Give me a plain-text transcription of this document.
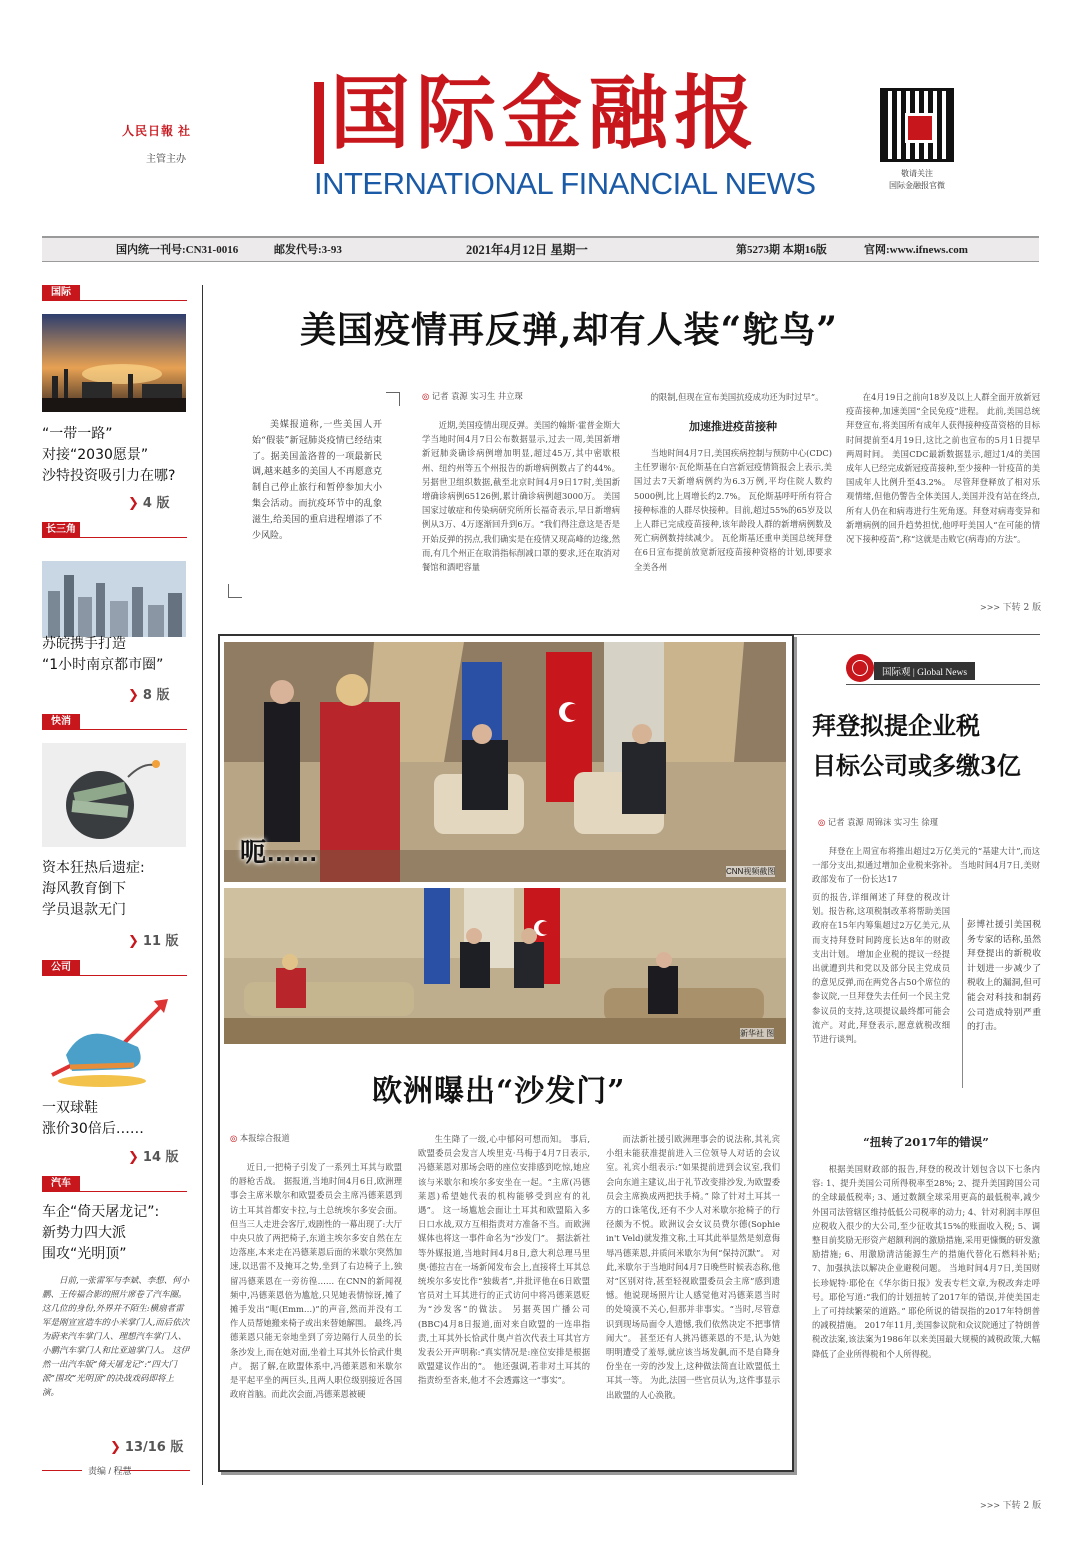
人民日報 社
主管主办 国际金融报
INTERNATIONAL FINANCIAL NEWS	敬请关注
国际金融报官微
国内统一刊号:CN31-0016	邮发代号:3-93	2021年4月12日 星期一	第5273期 本期16版	官网:www.ifnews.com
国际
“一带一路”
对接“2030愿景”
沙特投资吸引力在哪?
❯ 4 版
长三角
苏皖携手打造
“1小时南京都市圈”
❯ 8 版
快消
资本狂热后遗症:
海风教育倒下
学员退款无门
❯ 11 版
公司
一双球鞋
涨价30倍后……
❯ 14 版
汽车
车企“倚天屠龙记”:
新势力四大派
围攻“光明顶”
日前,一张雷军与李斌、李想、何小鹏、王传福合影的照片席卷了汽车圈。这几位的身份,外界并不陌生:横扇者雷军是刚宣宣造车的小米掌门人,而后依次为蔚来汽车掌门人、理想汽车掌门人、小鹏汽车掌门人和比亚迪掌门人。 这伊然一出汽车版“倚天屠龙记”:“四大门派”围攻“光明顶”的决战戏码即将上演。
❯ 13/16 版
责编 / 程慧
美国疫情再反弹,却有人装“鸵鸟”
美媒报道称,一些美国人开始“假装”新冠肺炎疫情已经结束了。据美国盖洛普的一项最新民调,越来越多的美国人不再愿意克制自己停止旅行和暂停参加大小集会活动。而抗疫环节中的乱象滋生,给美国的重启进程增添了不少风险。
◎ 记者 袁源 实习生 井立琛
近期,美国疫情出现反弹。美国约翰斯·霍普金斯大学当地时间4月7日公布数据显示,过去一周,美国新增新冠肺炎确诊病例增加明显,超过45万,其中密歇根州、纽约州等五个州报告的新增病例数占了约44%。 另据世卫组织数据,截至北京时间4月9日17时,美国新增确诊病例65126例,累计确诊病例超3000万。 美国国家过敏症和传染病研究所所长福奇表示,早日新增病例从3万、4万逐渐回升到6万。“我们得注意这是否是开始反弹的拐点,我们确实是在疫情又现高峰的边缘,然而,有几个州正在取消指标削减口罩的要求,还在取消对餐馆和酒吧容量
的限制,但现在宣布美国抗疫成功还为时过早”。
加速推进疫苗接种
当地时间4月7日,美国疾病控制与预防中心(CDC)主任罗谢尔·瓦伦斯基在白宫新冠疫情简报会上表示,美国过去7天新增病例约为6.3万例,平均住院人数约5000例,比上周增长约2.7%。 瓦伦斯基呼吁所有符合接种标准的人群尽快接种。目前,超过55%的65岁及以上人群已完成疫苗接种,该年龄段人群的新增病例数及死亡病例数持续减少。 瓦伦斯基还重申美国总统拜登在6日宣布提前放宽新冠疫苗接种资格的计划,即要求全美各州
在4月19日之前向18岁及以上人群全面开放新冠疫苗接种,加速美国“全民免疫”进程。 此前,美国总统拜登宣布,将美国所有成年人获得接种疫苗资格的目标时间提前至4月19日,这比之前也宣布的5月1日提早两周时间。 美国CDC最新数据显示,超过1/4的美国成年人已经完成新冠疫苗接种,至少接种一针疫苗的美国成年人比例升至43.2%。 尽管拜登释放了相对乐观情绪,但他仍警告全体美国人,美国并没有站在终点,所有人仍在和病毒进行生死角逐。拜登对病毒变异和新增病例的回升趋势担忧,他呼吁美国人“在可能的情况下接种疫苗”,称“这就是击败它(病毒)的方法”。
>>> 下转 2 版
呃……
CNN视频截图
新华社 图
欧洲曝出“沙发门”
◎ 本报综合报道
近日,一把椅子引发了一系列土耳其与欧盟的唇枪舌战。 据报道,当地时间4月6日,欧洲理事会主席米歇尔和欧盟委员会主席冯德莱恩到访土耳其首都安卡拉,与土总统埃尔多安会面。但当三人走进会客厅,戏剧性的一幕出现了:大厅中央只放了两把椅子,东道主埃尔多安自然在左边落座,本来走在冯德莱恩后面的米歇尔突然加速,以迅雷不及掩耳之势,坐到了右边椅子上,独留冯德莱恩在一旁彷徨…… 在CNN的新闻视频中,冯德莱恩倍为尴尬,只见她表情惊讶,摊了摊手发出“呃(Emm…)”的声音,然而并没有工作人员帮她搬来椅子或出来替她解围。 最终,冯德莱恩只能无奈地坐到了旁边隔行人员坐的长条沙发上,而在她对面,坐着土耳其外长恰武什奥卢。 据了解,在欧盟体系中,冯德莱恩和米歇尔是平起平坐的两巨头,且两人职位级别接近各国政府首脑。而此次会面,冯德莱恩被硬
生生降了一级,心中郁闷可想而知。 事后,欧盟委员会发言人埃里克·马梅于4月7日表示,冯德莱恩对那场会晤的座位安排感到吃惊,她应该与米歇尔和埃尔多安坐在一起。“主席(冯德莱恩)希望她代表的机构能够受到应有的礼遇”。 这一场尴尬会面让土耳其和欧盟陷入多日口水战,双方互相指责对方准备不当。而欧洲媒体也将这一事件命名为“沙发门”。 据法新社等外媒报道,当地时间4月8日,意大利总理马里奥·德拉吉在一场新闻发布会上,直接将土耳其总统埃尔多安比作“独裁者”,并批评他在6日欧盟官员对土耳其进行的正式访问中将冯德莱恩贬为“沙发客”的做法。 另据英国广播公司(BBC)4月8日报道,面对来自欧盟的一连串指责,土耳其外长恰武什奥卢首次代表土耳其官方发表公开声明称:“真实情况是:座位安排是根据欧盟建议作出的”。 他还强调,若非对土耳其的指责纷至沓来,他才不会透露这一“事实”。
而法新社援引欧洲理事会的说法称,其礼宾小组未能获准提前进入三位领导人对话的会议室。礼宾小组表示:“如果提前进到会议室,我们会向东道主建议,出于礼节改变排沙发,为欧盟委员会主席换成两把扶手椅。” 除了针对土耳其一方的口诛笔伐,还有不少人对米歇尔抢椅子的行径颇为不悦。欧洲议会女议员费尔德(Sophie in't Veld)就发推文称,土耳其此举显然是刻意侮辱冯德莱恩,并质问米歇尔为何“保持沉默”。 对此,米歇尔于当地时间4月7日晚些时候表态称,他对“区别对待,甚至轻视欧盟委员会主席”感到遗憾。他说现场照片让人感觉他对冯德莱恩当时的处境漠不关心,但那并非事实。“当时,尽管意识到现场局面令人遗憾,我们依然决定不把事情闹大”。 甚至还有人挑冯德莱恩的不是,认为她明明遭受了羞辱,就应该当场发飙,而不是自降身份坐在一旁的沙发上,这种做法简直让欧盟低土耳其一等。 为此,法国一些官员认为,这件事显示出欧盟的人心涣散。
国际观 | Global News
拜登拟提企业税
目标公司或多缴3亿
◎ 记者 袁源 周锦沫 实习生 徐瑾
拜登在上周宣布将推出超过2万亿美元的“基建大计”,而这一部分支出,拟通过增加企业税来弥补。 当地时间4月7日,美财政部发布了一份长达17
页的报告,详细阐述了拜登的税改计划。报告称,这项税制改革将帮助美国政府在15年内筹集超过2万亿美元,从而支持拜登时间跨度长达8年的财政支出计划。 增加企业税的提议一经提出就遭到共和党以及部分民主党成员的意见反弹,而在两党各占50个席位的参议院,一旦拜登失去任何一个民主党参议员的支持,这项提议最终都可能会流产。对此,拜登表示,愿意就税改细节进行谈判。
彭博社援引美国税务专家的话称,虽然拜登提出的新税收计划进一步减少了税收上的漏洞,但可能会对科技和制药公司造成特别严重的打击。
“扭转了2017年的错误”
根据美国财政部的报告,拜登的税改计划包含以下七条内容: 1、提升美国公司所得税率至28%; 2、提升美国跨国公司的全球最低税率; 3、通过数额全球采用更高的最低税率,减少外国司法管辖区维持低低公司税率的动力; 4、针对利润丰厚但应税收入很少的大公司,至少征收其15%的账面收入税; 5、调整目前奖励无形资产超额利润的激励措施,采用更慷慨的研发激励措施; 6、用激励清洁能源生产的措施代替化石燃料补贴; 7、加强执法以解决企业避税问题。 当地时间4月7日,美国财长珍妮特·耶伦在《华尔街日报》发表专栏文章,为税改奔走呼号。耶伦写道:“我们的计划扭转了2017年的错误,并使美国走上了可持续繁荣的道路。” 耶伦所说的错误指的2017年特朗普的减税措施。 2017年11月,美国参议院和众议院通过了特朗普税改法案,该法案为1986年以来美国最大规模的减税政策,大幅降低了企业所得税和个人所得税。
>>> 下转 2 版
